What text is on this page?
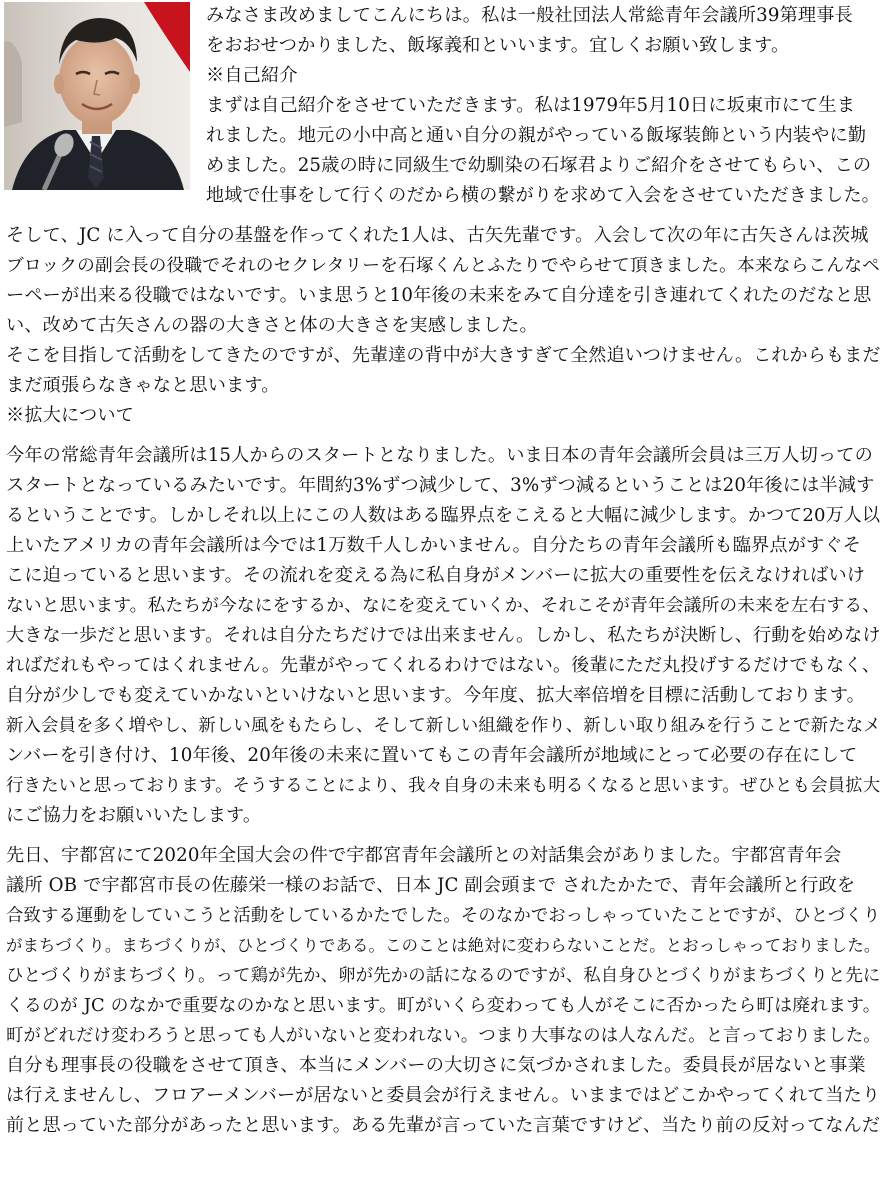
みなさま改めましてこんにちは。私は一般社団法人常総青年会議所39第理事長
をおおせつかりました、飯塚義和といいます。宜しくお願い致します。
※自己紹介
まずは自己紹介をさせていただきます。私は1979年5月10日に坂東市にて生ま
れました。地元の小中高と通い自分の親がやっている飯塚装飾という内装やに勤
めました。25歳の時に同級生で幼馴染の石塚君よりご紹介をさせてもらい、この
地域で仕事をして行くのだから横の繋がりを求めて入会をさせていただきました。
そして、JC に入って自分の基盤を作ってくれた1人は、古矢先輩です。入会して次の年に古矢さんは茨城
ブロックの副会長の役職でそれのセクレタリーを石塚くんとふたりでやらせて頂きました。本来ならこんなペ
ーペーが出来る役職ではないです。いま思うと10年後の未来をみて自分達を引き連れてくれたのだなと思
い、改めて古矢さんの器の大きさと体の大きさを実感しました。
そこを目指して活動をしてきたのですが、先輩達の背中が大きすぎて全然追いつけません。これからもまだ
まだ頑張らなきゃなと思います。
※拡大について
今年の常総青年会議所は15人からのスタートとなりました。いま日本の青年会議所会員は三万人切っての
スタートとなっているみたいです。年間約3%ずつ減少して、3%ずつ減るということは20年後には半減す
るということです。しかしそれ以上にこの人数はある臨界点をこえると大幅に減少します。かつて20万人以
上いたアメリカの青年会議所は今では1万数千人しかいません。自分たちの青年会議所も臨界点がすぐそ
こに迫っていると思います。その流れを変える為に私自身がメンバーに拡大の重要性を伝えなければいけ
ないと思います。私たちが今なにをするか、なにを変えていくか、それこそが青年会議所の未来を左右する、
大きな一歩だと思います。それは自分たちだけでは出来ません。しかし、私たちが決断し、行動を始めなけ
ればだれもやってはくれません。先輩がやってくれるわけではない。後輩にただ丸投げするだけでもなく、
自分が少しでも変えていかないといけないと思います。今年度、拡大率倍増を目標に活動しております。
新入会員を多く増やし、新しい風をもたらし、そして新しい組織を作り、新しい取り組みを行うことで新たなメ
ンバーを引き付け、10年後、20年後の未来に置いてもこの青年会議所が地域にとって必要の存在にして
行きたいと思っております。そうすることにより、我々自身の未来も明るくなると思います。ぜひとも会員拡大
にご協力をお願いいたします。
先日、宇都宮にて2020年全国大会の件で宇都宮青年会議所との対話集会がありました。宇都宮青年会
議所 OB で宇都宮市長の佐藤栄一様のお話で、日本 JC 副会頭まで されたかたで、青年会議所と行政を
合致する運動をしていこうと活動をしているかたでした。そのなかでおっしゃっていたことですが、ひとづくり
がまちづくり。まちづくりが、ひとづくりである。このことは絶対に変わらないことだ。とおっしゃっておりました。
ひとづくりがまちづくり。って鶏が先か、卵が先かの話になるのですが、私自身ひとづくりがまちづくりと先に
くるのが JC のなかで重要なのかなと思います。町がいくら変わっても人がそこに否かったら町は廃れます。
町がどれだけ変わろうと思っても人がいないと変われない。つまり大事なのは人なんだ。と言っておりました。
自分も理事長の役職をさせて頂き、本当にメンバーの大切さに気づかされました。委員長が居ないと事業
は行えませんし、フロアーメンバーが居ないと委員会が行えません。いままではどこかやってくれて当たり
前と思っていた部分があったと思います。ある先輩が言っていた言葉ですけど、当たり前の反対ってなんだ
